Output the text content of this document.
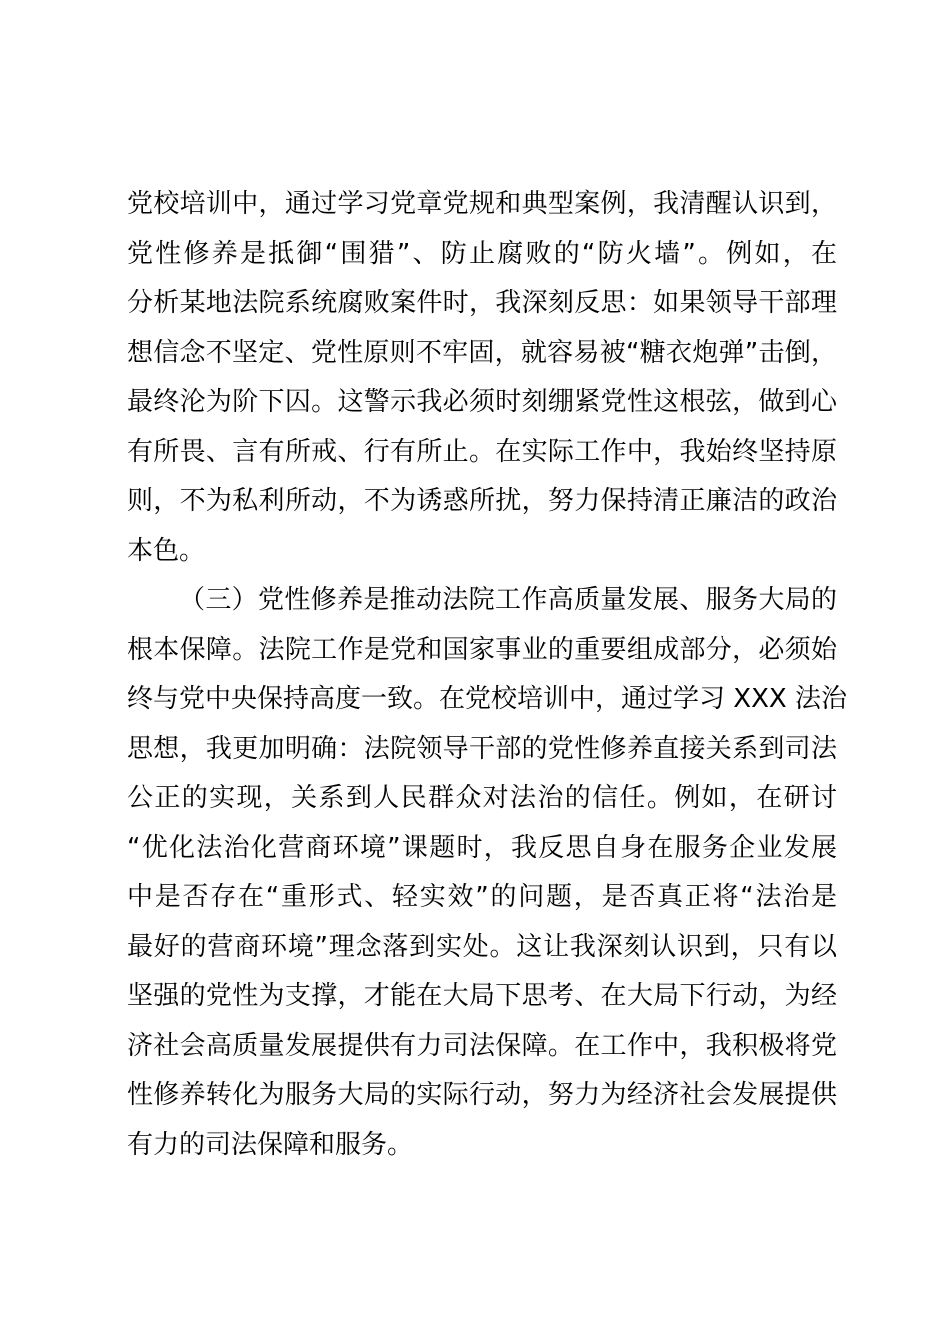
党校培训中，通过学习党章党规和典型案例，我清醒认识到，
党性修养是抵御“围猎”、防止腐败的“防火墙”。例如，在
分析某地法院系统腐败案件时，我深刻反思：如果领导干部理
想信念不坚定、党性原则不牢固，就容易被“糖衣炮弹”击倒，
最终沦为阶下囚。这警示我必须时刻绷紧党性这根弦，做到心
有所畏、言有所戒、行有所止。在实际工作中，我始终坚持原
则，不为私利所动，不为诱惑所扰，努力保持清正廉洁的政治
本色。
（三）党性修养是推动法院工作高质量发展、服务大局的
根本保障。法院工作是党和国家事业的重要组成部分，必须始
终与党中央保持高度一致。在党校培训中，通过学习 XXX 法治
思想，我更加明确：法院领导干部的党性修养直接关系到司法
公正的实现，关系到人民群众对法治的信任。例如，在研讨
“优化法治化营商环境”课题时，我反思自身在服务企业发展
中是否存在“重形式、轻实效”的问题，是否真正将“法治是
最好的营商环境”理念落到实处。这让我深刻认识到，只有以
坚强的党性为支撑，才能在大局下思考、在大局下行动，为经
济社会高质量发展提供有力司法保障。在工作中，我积极将党
性修养转化为服务大局的实际行动，努力为经济社会发展提供
有力的司法保障和服务。
